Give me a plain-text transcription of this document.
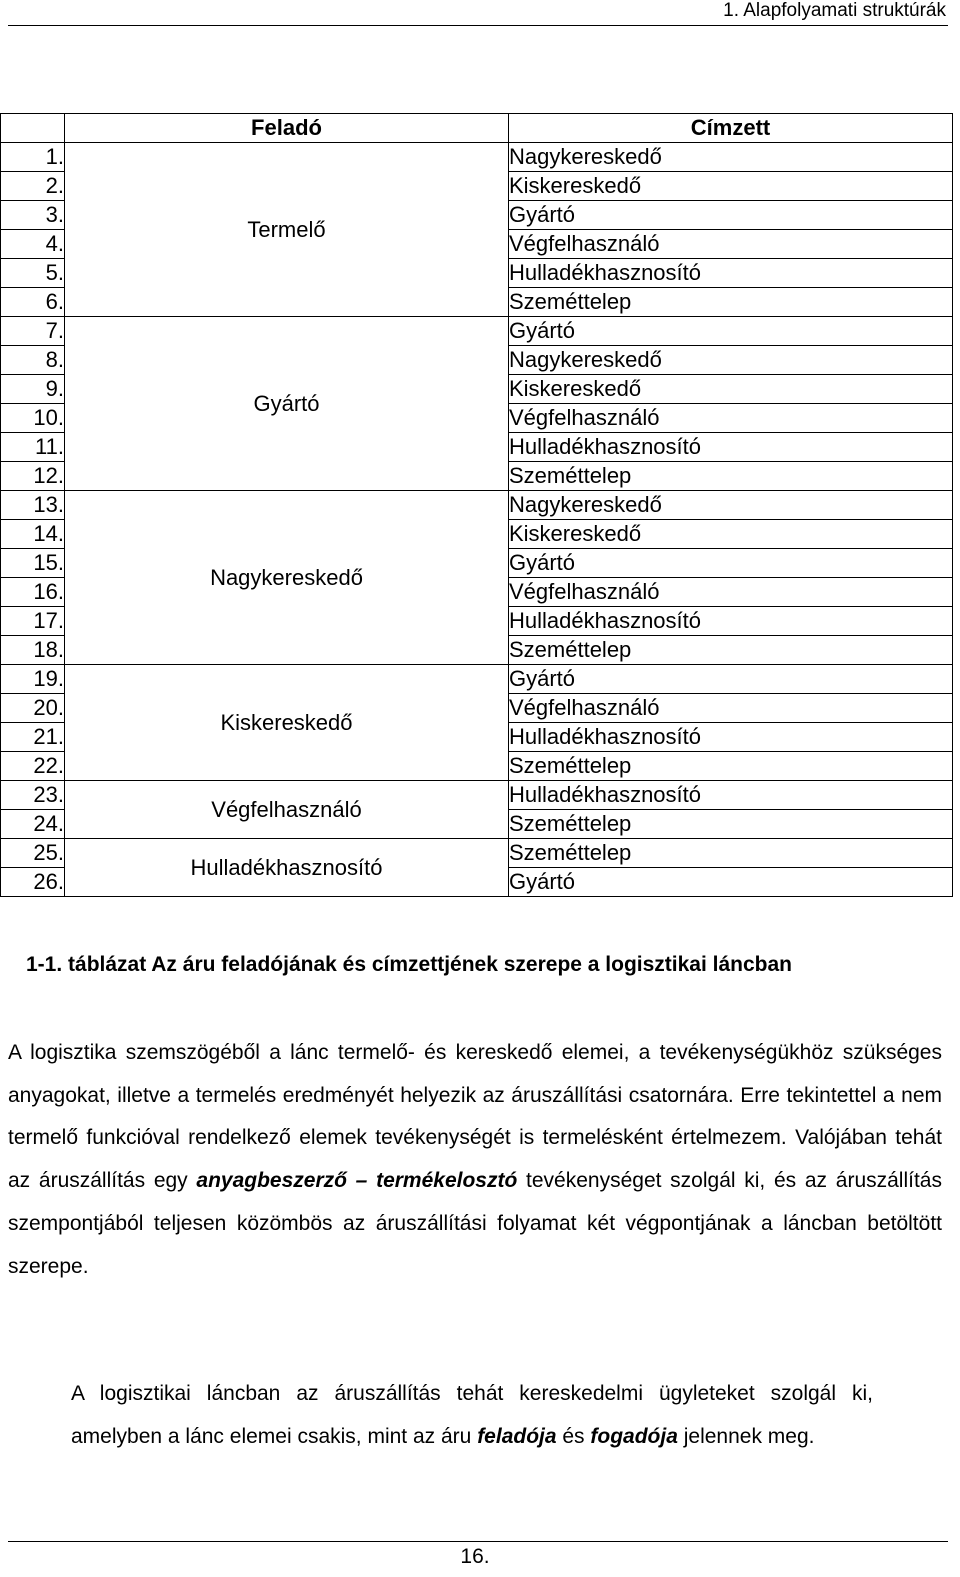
1. Alapfolyamati struktúrák
	Feladó	Címzett
1.	Termelő	Nagykereskedő
2.		Kiskereskedő
3.		Gyártó
4.		Végfelhasználó
5.		Hulladékhasznosító
6.		Szeméttelep
7.	Gyártó	Gyártó
8.		Nagykereskedő
9.		Kiskereskedő
10.		Végfelhasználó
11.		Hulladékhasznosító
12.		Szeméttelep
13.	Nagykereskedő	Nagykereskedő
14.		Kiskereskedő
15.		Gyártó
16.		Végfelhasználó
17.		Hulladékhasznosító
18.		Szeméttelep
19.	Kiskereskedő	Gyártó
20.		Végfelhasználó
21.		Hulladékhasznosító
22.		Szeméttelep
23.	Végfelhasználó	Hulladékhasznosító
24.		Szeméttelep
25.	Hulladékhasznosító	Szeméttelep
26.		Gyártó
1-1. táblázat Az áru feladójának és címzettjének szerepe a logisztikai láncban
A logisztika szemszögéből a lánc termelő- és kereskedő elemei, a tevékenységükhöz szükséges anyagokat, illetve a termelés eredményét helyezik az áruszállítási csatornára. Erre tekintettel a nem termelő funkcióval rendelkező elemek tevékenységét is termelésként értelmezem. Valójában tehát az áruszállítás egy anyagbeszerző – termékelosztó tevékenységet szolgál ki, és az áruszállítás szempontjából teljesen közömbös az áruszállítási folyamat két végpontjának a láncban betöltött szerepe.
A logisztikai láncban az áruszállítás tehát kereskedelmi ügyleteket szolgál ki, amelyben a lánc elemei csakis, mint az áru feladója és fogadója jelennek meg.
16.
